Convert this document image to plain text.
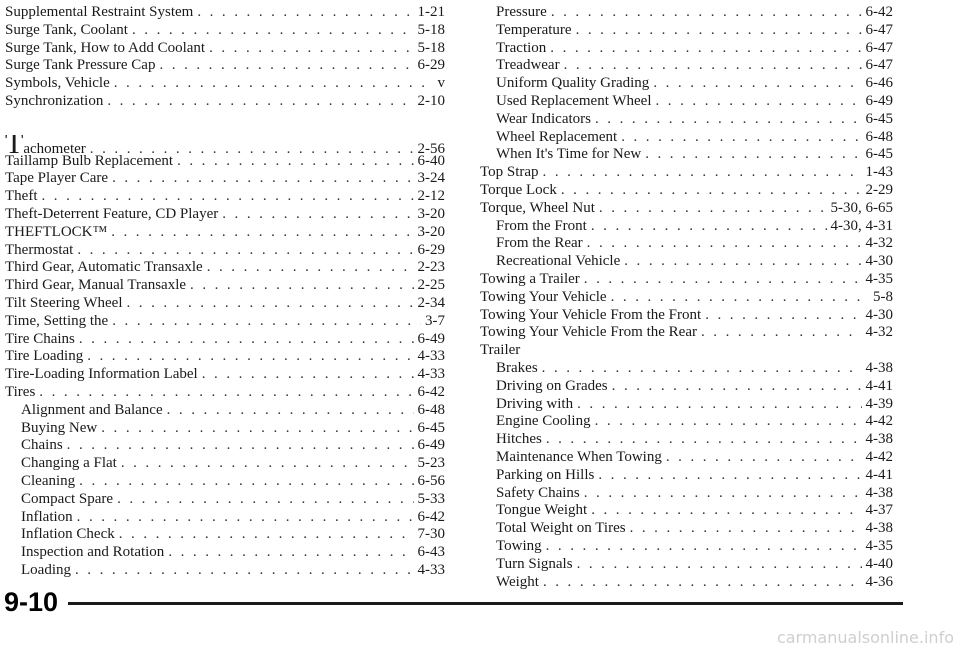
Supplemental Restraint System . . .	1-21
Surge Tank, Coolant . . .	5-18
Surge Tank, How to Add Coolant . . .	5-18
Surge Tank Pressure Cap . . .	6-29
Symbols, Vehicle . . .	v
Synchronization . . .	2-10
Tachometer . . .	2-56
Taillamp Bulb Replacement . . .	6-40
Tape Player Care . . .	3-24
Theft . . .	2-12
Theft-Deterrent Feature, CD Player . . .	3-20
THEFTLOCK™ . . .	3-20
Thermostat . . .	6-29
Third Gear, Automatic Transaxle . . .	2-23
Third Gear, Manual Transaxle . . .	2-25
Tilt Steering Wheel . . .	2-34
Time, Setting the . . .	3-7
Tire Chains . . .	6-49
Tire Loading . . .	4-33
Tire-Loading Information Label . . .	4-33
Tires . . .	6-42
Alignment and Balance . . .	6-48
Buying New . . .	6-45
Chains . . .	6-49
Changing a Flat . . .	5-23
Cleaning . . .	6-56
Compact Spare . . .	5-33
Inflation . . .	6-42
Inflation Check . . .	7-30
Inspection and Rotation . . .	6-43
Loading . . .	4-33
Pressure . . .	6-42
Temperature . . .	6-47
Traction . . .	6-47
Treadwear . . .	6-47
Uniform Quality Grading . . .	6-46
Used Replacement Wheel . . .	6-49
Wear Indicators . . .	6-45
Wheel Replacement . . .	6-48
When It's Time for New . . .	6-45
Top Strap . . .	1-43
Torque Lock . . .	2-29
Torque, Wheel Nut . . .	5-30, 6-65
From the Front . . .	4-30, 4-31
From the Rear . . .	4-32
Recreational Vehicle . . .	4-30
Towing a Trailer . . .	4-35
Towing Your Vehicle . . .	5-8
Towing Your Vehicle From the Front . . .	4-30
Towing Your Vehicle From the Rear . . .	4-32
Trailer
Brakes . . .	4-38
Driving on Grades . . .	4-41
Driving with . . .	4-39
Engine Cooling . . .	4-42
Hitches . . .	4-38
Maintenance When Towing . . .	4-42
Parking on Hills . . .	4-41
Safety Chains . . .	4-38
Tongue Weight . . .	4-37
Total Weight on Tires . . .	4-38
Towing . . .	4-35
Turn Signals . . .	4-40
Weight . . .	4-36
9-10
carmanualsonline.info
